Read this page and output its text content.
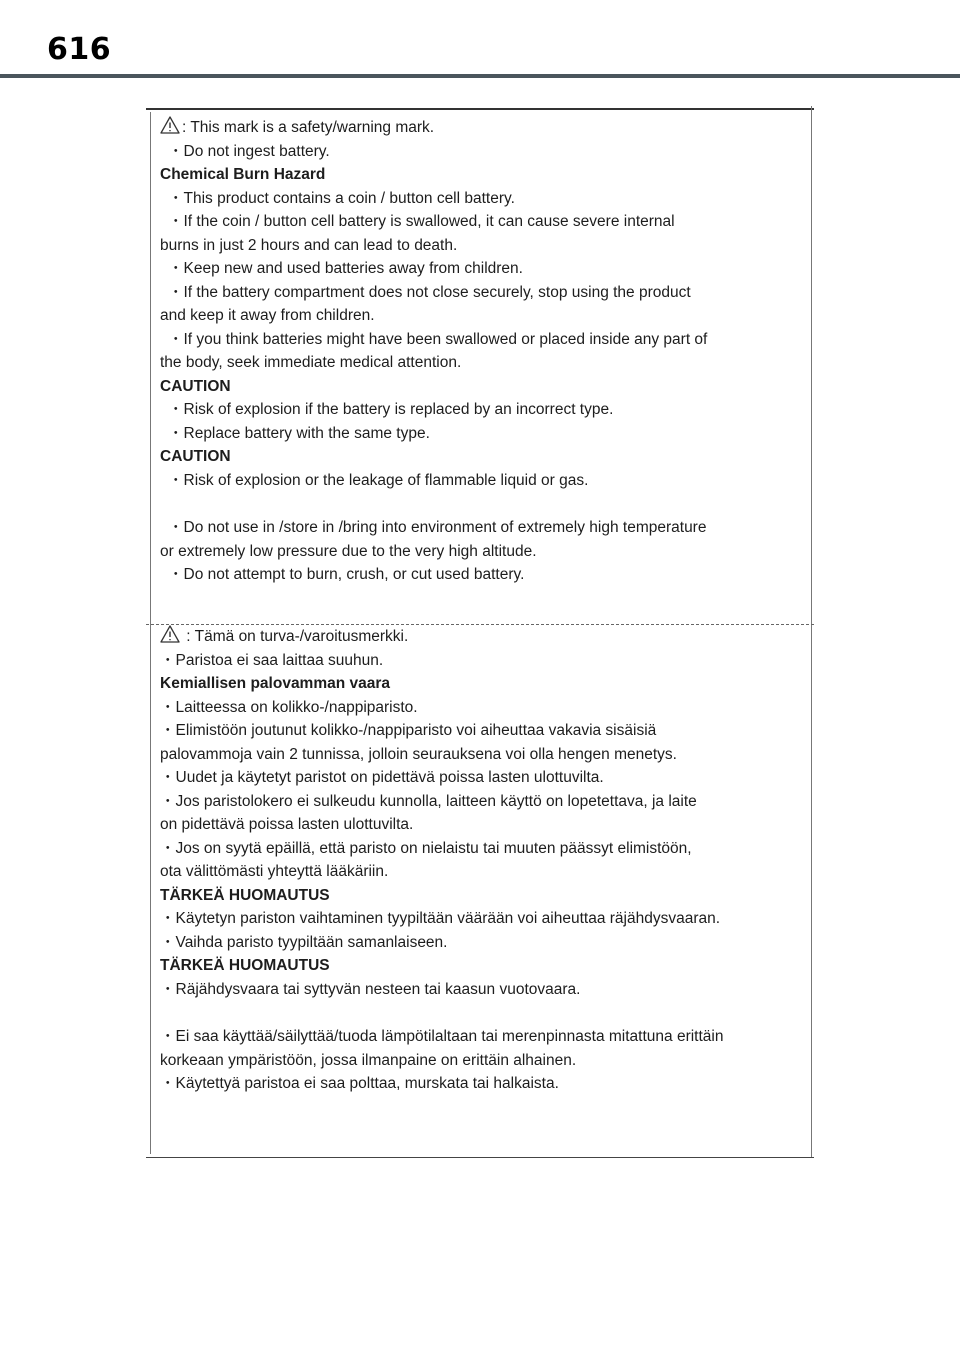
616
: This mark is a safety/warning mark.
・Do not ingest battery.
Chemical Burn Hazard
・This product contains a coin / button cell battery.
・If the coin / button cell battery is swallowed, it can cause severe internal
burns in just 2 hours and can lead to death.
・Keep new and used batteries away from children.
・If the battery compartment does not close securely, stop using the product
and keep it away from children.
・If you think batteries might have been swallowed or placed inside any part of
the body, seek immediate medical attention.
CAUTION
・Risk of explosion if the battery is replaced by an incorrect type.
・Replace battery with the same type.
CAUTION
・Risk of explosion or the leakage of flammable liquid or gas.
・Do not use in /store in /bring into environment of extremely high temperature
or extremely low pressure due to the very high altitude.
・Do not attempt to burn, crush, or cut used battery.
: Tämä on turva-/varoitusmerkki.
・Paristoa ei saa laittaa suuhun.
Kemiallisen palovamman vaara
・Laitteessa on kolikko-/nappiparisto.
・Elimistöön joutunut kolikko-/nappiparisto voi aiheuttaa vakavia sisäisiä
palovammoja vain 2 tunnissa, jolloin seurauksena voi olla hengen menetys.
・Uudet ja käytetyt paristot on pidettävä poissa lasten ulottuvilta.
・Jos paristolokero ei sulkeudu kunnolla, laitteen käyttö on lopetettava, ja laite
on pidettävä poissa lasten ulottuvilta.
・Jos on syytä epäillä, että paristo on nielaistu tai muuten päässyt elimistöön,
ota välittömästi yhteyttä lääkäriin.
TÄRKEÄ HUOMAUTUS
・Käytetyn pariston vaihtaminen tyypiltään väärään voi aiheuttaa räjähdysvaaran.
・Vaihda paristo tyypiltään samanlaiseen.
TÄRKEÄ HUOMAUTUS
・Räjähdysvaara tai syttyvän nesteen tai kaasun vuotovaara.
・Ei saa käyttää/säilyttää/tuoda lämpötilaltaan tai merenpinnasta mitattuna erittäin
korkeaan ympäristöön, jossa ilmanpaine on erittäin alhainen.
・Käytettyä paristoa ei saa polttaa, murskata tai halkaista.
